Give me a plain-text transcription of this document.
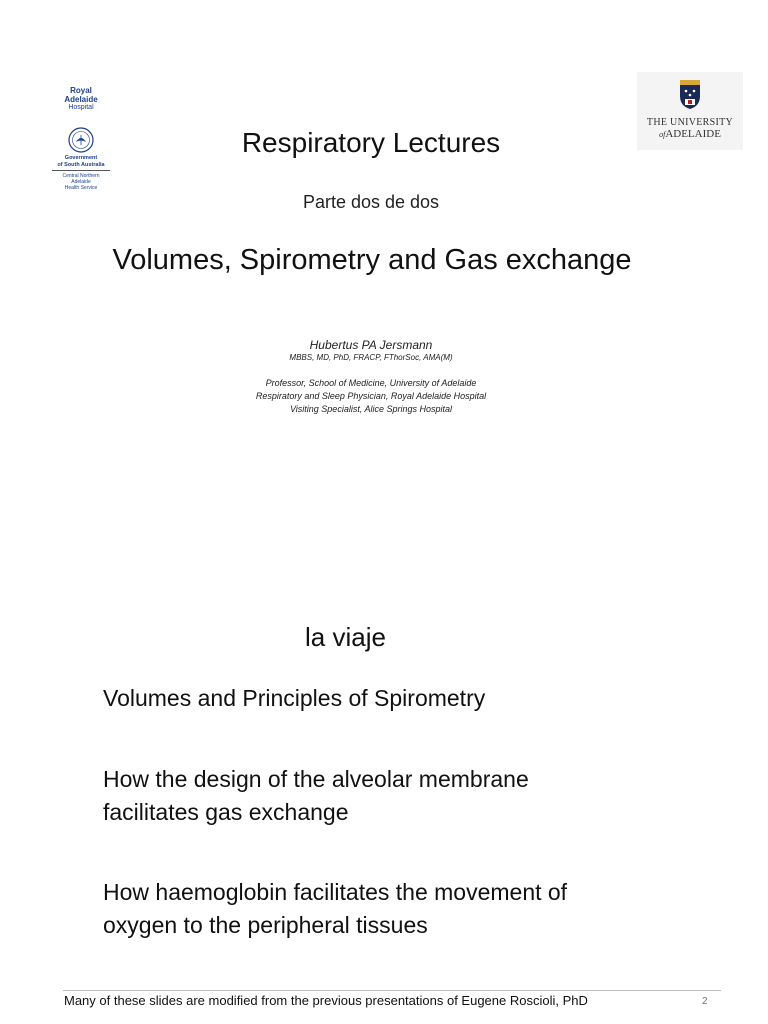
Royal
Adelaide
Hospital
Government
of South Australia
Central Northern
Adelaide
Health Service
THE UNIVERSITY
ofADELAIDE
Respiratory Lectures
Parte dos de dos
Volumes, Spirometry and Gas exchange
Hubertus PA Jersmann
MBBS, MD, PhD, FRACP, FThorSoc, AMA(M)
Professor, School of Medicine, University of Adelaide
Respiratory and Sleep Physician, Royal Adelaide Hospital
Visiting Specialist, Alice Springs Hospital
la viaje
Volumes and Principles of Spirometry
How the design of the alveolar membrane
facilitates gas exchange
How haemoglobin facilitates the movement of
oxygen to the peripheral tissues
Many of these slides are modified from the previous presentations of Eugene Roscioli, PhD	2
